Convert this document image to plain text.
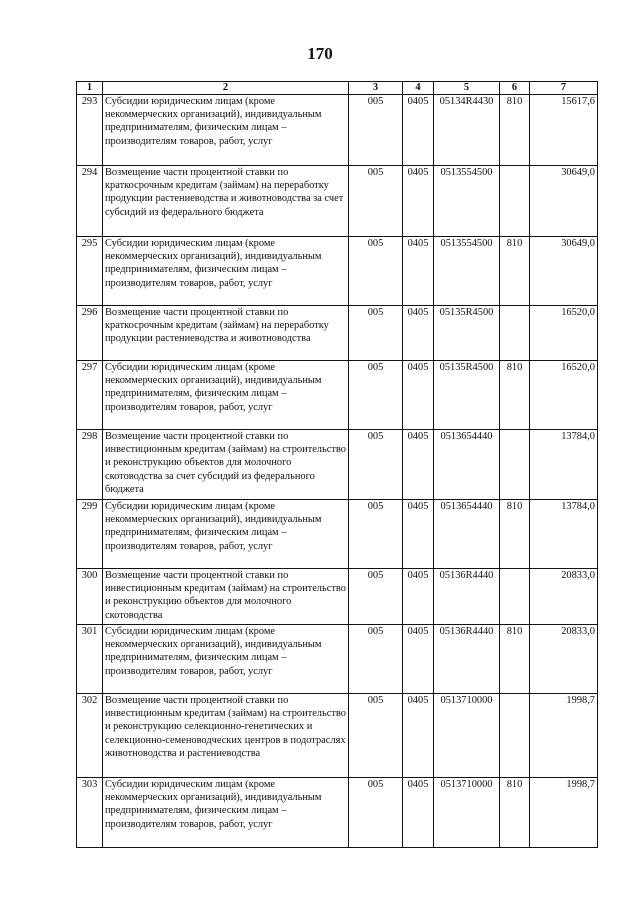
170
1	2	3	4	5	6	7
293	Субсидии юридическим лицам (кроме некоммерческих организаций), индивидуальным предпринимателям, физическим лицам – производителям товаров, работ, услуг	005	0405	05134R4430	810	15617,6
294	Возмещение части процентной ставки по краткосрочным кредитам (займам) на переработку продукции растениеводства и животноводства за счет субсидий из федерального бюджета	005	0405	0513554500		30649,0
295	Субсидии юридическим лицам (кроме некоммерческих организаций), индивидуальным предпринимателям, физическим лицам – производителям товаров, работ, услуг	005	0405	0513554500	810	30649,0
296	Возмещение части процентной ставки по краткосрочным кредитам (займам) на переработку продукции растениеводства и животноводства	005	0405	05135R4500		16520,0
297	Субсидии юридическим лицам (кроме некоммерческих организаций), индивидуальным предпринимателям, физическим лицам – производителям товаров, работ, услуг	005	0405	05135R4500	810	16520,0
298	Возмещение части процентной ставки по инвестиционным кредитам (займам) на строительство и реконструкцию объектов для молочного скотоводства за счет субсидий из федерального бюджета	005	0405	0513654440		13784,0
299	Субсидии юридическим лицам (кроме некоммерческих организаций), индивидуальным предпринимателям, физическим лицам – производителям товаров, работ, услуг	005	0405	0513654440	810	13784,0
300	Возмещение части процентной ставки по инвестиционным кредитам (займам) на строительство и реконструкцию объектов для молочного скотоводства	005	0405	05136R4440		20833,0
301	Субсидии юридическим лицам (кроме некоммерческих организаций), индивидуальным предпринимателям, физическим лицам – производителям товаров, работ, услуг	005	0405	05136R4440	810	20833,0
302	Возмещение части процентной ставки по инвестиционным кредитам (займам) на строительство и реконструкцию селекционно-генетических и селекционно-семеноводческих центров в подотраслях животноводства и растениеводства	005	0405	0513710000		1998,7
303	Субсидии юридическим лицам (кроме некоммерческих организаций), индивидуальным предпринимателям, физическим лицам – производителям товаров, работ, услуг	005	0405	0513710000	810	1998,7
